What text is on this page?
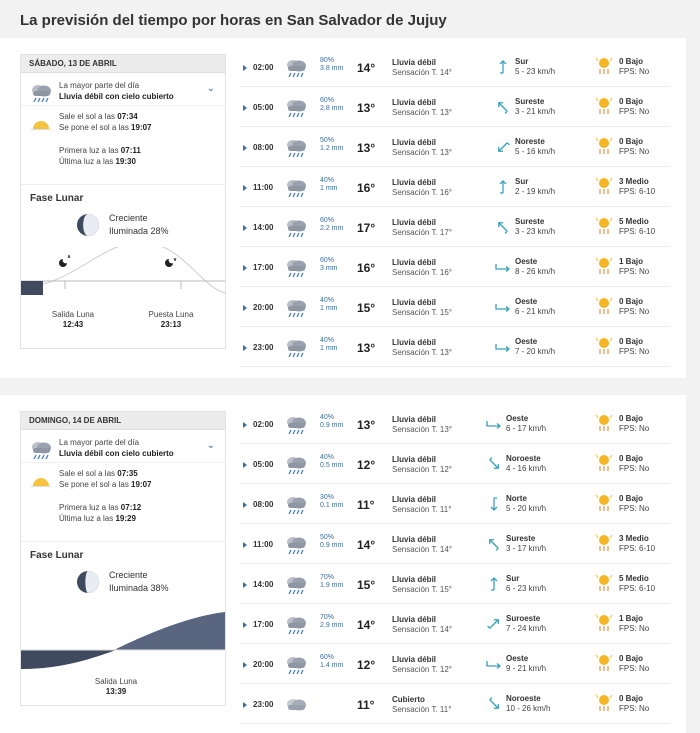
La previsión del tiempo por horas en San Salvador de Jujuy
SÁBADO, 13 DE ABRIL
La mayor parte del día
Lluvia débil con cielo cubierto
⌄
Sale el sol a las 07:34
Se pone el sol a las 19:07
Primera luz a las 07:11
Última luz a las 19:30
Fase Lunar
Creciente
Iluminada 28%
Salida Luna
12:43
Puesta Luna
23:13
02:00
80%
3.8 mm 14° Lluvia débil
Sensación T. 14°
Sur
5 - 23 km/h
0 Bajo
FPS: No
05:00
60%
2.8 mm 13° Lluvia débil
Sensación T. 13°
Sureste
3 - 21 km/h
0 Bajo
FPS: No
08:00
50%
1.2 mm 13° Lluvia débil
Sensación T. 13°
Noreste
5 - 16 km/h
0 Bajo
FPS: No
11:00
40%
1 mm 16° Lluvia débil
Sensación T. 16°
Sur
2 - 19 km/h
3 Medio
FPS: 6-10
14:00
60%
2.2 mm 17° Lluvia débil
Sensación T. 17°
Sureste
3 - 23 km/h
5 Medio
FPS: 6-10
17:00
60%
3 mm 16° Lluvia débil
Sensación T. 16°
Oeste
8 - 26 km/h
1 Bajo
FPS: No
20:00
40%
1 mm 15° Lluvia débil
Sensación T. 15°
Oeste
6 - 21 km/h
0 Bajo
FPS: No
23:00
40%
1 mm 13° Lluvia débil
Sensación T. 13°
Oeste
7 - 20 km/h
0 Bajo
FPS: No
DOMINGO, 14 DE ABRIL
La mayor parte del día
Lluvia débil con cielo cubierto
⌄
Sale el sol a las 07:35
Se pone el sol a las 19:07
Primera luz a las 07:12
Última luz a las 19:29
Fase Lunar
Creciente
Iluminada 38%
Salida Luna
13:39
02:00
40%
0.9 mm 13° Lluvia débil
Sensación T. 13°
Oeste
6 - 17 km/h
0 Bajo
FPS: No
05:00
40%
0.5 mm 12° Lluvia débil
Sensación T. 12°
Noroeste
4 - 16 km/h
0 Bajo
FPS: No
08:00
30%
0.1 mm 11° Lluvia débil
Sensación T. 11°
Norte
5 - 20 km/h
0 Bajo
FPS: No
11:00
50%
0.9 mm 14° Lluvia débil
Sensación T. 14°
Sureste
3 - 17 km/h
3 Medio
FPS: 6-10
14:00
70%
1.9 mm 15° Lluvia débil
Sensación T. 15°
Sur
6 - 23 km/h
5 Medio
FPS: 6-10
17:00
70%
2.9 mm 14° Lluvia débil
Sensación T. 14°
Suroeste
7 - 24 km/h
1 Bajo
FPS: No
20:00
60%
1.4 mm 12° Lluvia débil
Sensación T. 12°
Oeste
9 - 21 km/h
0 Bajo
FPS: No
23:00	11° Cubierto
Sensación T. 11°
Noroeste
10 - 26 km/h
0 Bajo
FPS: No
